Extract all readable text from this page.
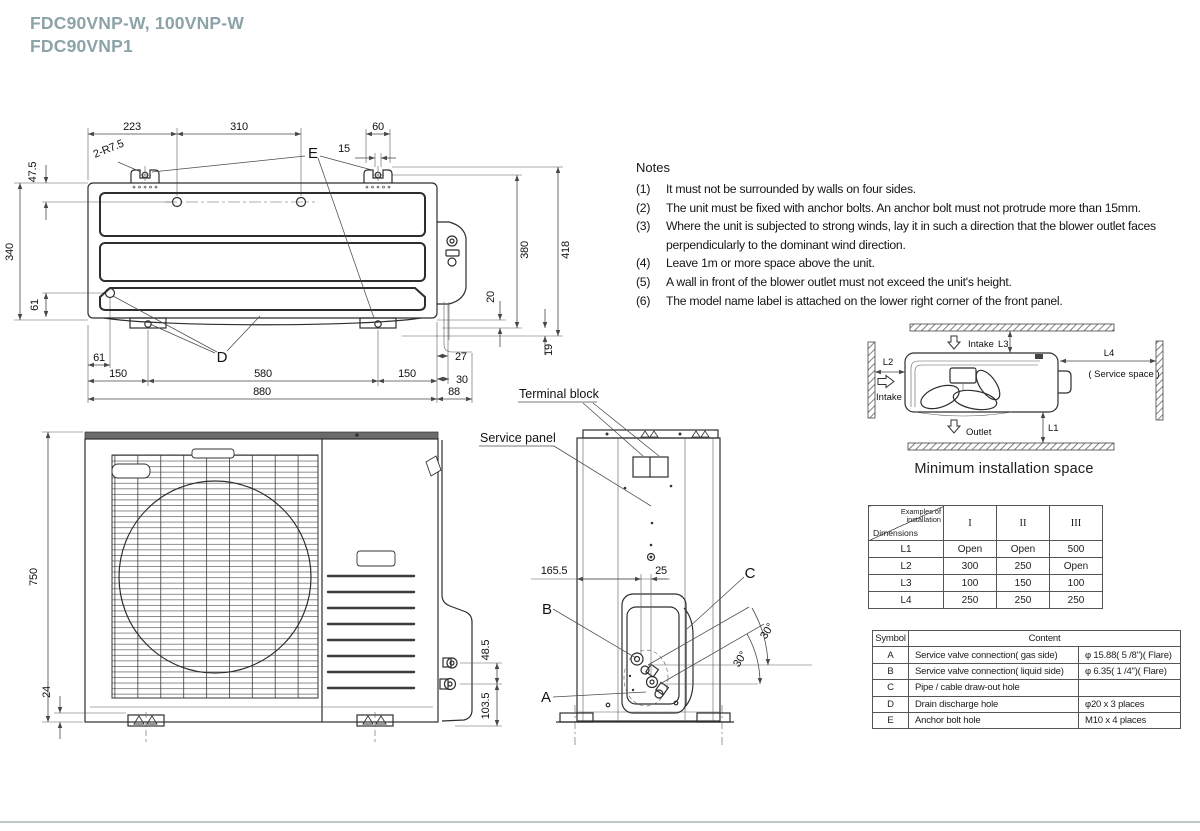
223	310	60
15
2-R7.5
47.5
340
61
61
150	580	150
880	88
27
30
380	418
20
19
E
D
750
24
48.5
103.5
Terminal block
Service panel
165.5	25
B
A
C
30°
30°
L2
Intake
Intake L3
L4
( Service space )
Outlet	L1
FDC90VNP-W, 100VNP-W
FDC90VNP1
Notes
(1)	It must not be surrounded by walls on four sides.
(2)	The unit must be fixed with anchor bolts. An anchor bolt must not protrude more than 15mm.
(3)	Where the unit is subjected to strong winds, lay it in such a direction that the blower outlet faces perpendicularly to the dominant wind direction.
(4)	Leave 1m or more space above the unit.
(5)	A wall in front of the blower outlet must not exceed the unit's height.
(6)	The model name label is attached on the lower right corner of the front panel.
Minimum installation space
Examples of installation
Dimensions	I	II	III
L1	Open	Open	500
L2	300	250	Open
L3	100	150	100
L4	250	250	250
Symbol	Content	
A	Service valve connection( gas side)	φ 15.88( 5 /8")( Flare)
B	Service valve connection( liquid side)	φ 6.35( 1 /4")( Flare)
C	Pipe / cable draw-out hole	
D	Drain discharge hole	φ20 x 3 places
E	Anchor bolt hole	M10 x 4 places
